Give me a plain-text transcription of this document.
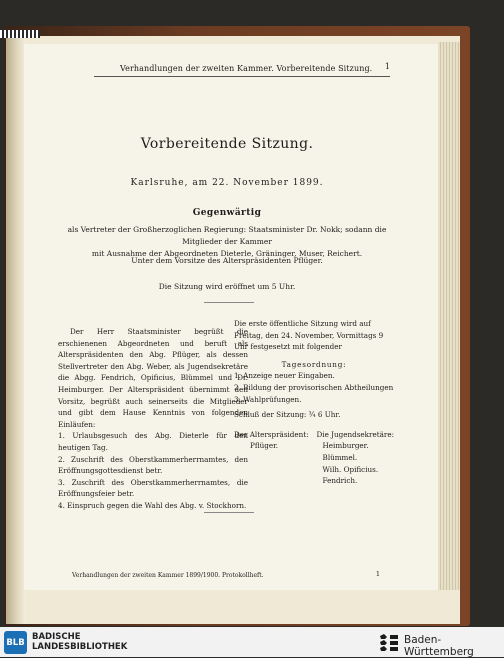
Verhandlungen der zweiten Kammer. Vorbereitende Sitzung. 1
Vorbereitende Sitzung.
Karlsruhe, am 22. November 1899.
Gegenwärtig
als Vertreter der Großherzoglichen Regierung: Staatsminister Dr. Nokk; sodann die Mitglieder der Kammer
mit Ausnahme der Abgeordneten Dieterle, Gräninger, Muser, Reichert.
Unter dem Vorsitze des Alterspräsidenten Pflüger.
Die Sitzung wird eröffnet um 5 Uhr.

Der Herr Staatsminister begrüßt die erschienenen Abgeordneten und beruft als Alterspräsidenten den Abg. Pflüger, als dessen Stellvertreter den Abg. Weber, als Jugendsekretäre die Abgg. Fendrich, Opificius, Blümmel und Dr. Heimburger. Der Alterspräsident übernimmt den Vorsitz, begrüßt auch seinerseits die Mitglieder und gibt dem Hause Kenntnis von folgenden Einläufen:

1. Urlaubsgesuch des Abg. Dieterle für den heutigen Tag.

2. Zuschrift des Oberstkammerherrnamtes, den Eröffnungsgottesdienst betr.

3. Zuschrift des Oberstkammerherrnamtes, die Eröffnungsfeier betr.

4. Einspruch gegen die Wahl des Abg. v. Stockhorn.

Die erste öffentliche Sitzung wird auf Freitag, den 24. November, Vormittags 9 Uhr festgesetzt mit folgender

Tagesordnung:

1. Anzeige neuer Eingaben.

2. Bildung der provisorischen Abtheilungen

3. Wahlprüfungen.

Schluß der Sitzung: ¾ 6 Uhr.

Der Alterspräsident:
Pflüger.
Die Jugendsekretäre:
Heimburger.
Blümmel.
Wilh. Opificius.
Fendrich.
Verhandlungen der zweiten Kammer 1899/1900. Protokollheft.	1
BLB
BADISCHE
LANDESBIBLIOTHEK
Baden-Württemberg
